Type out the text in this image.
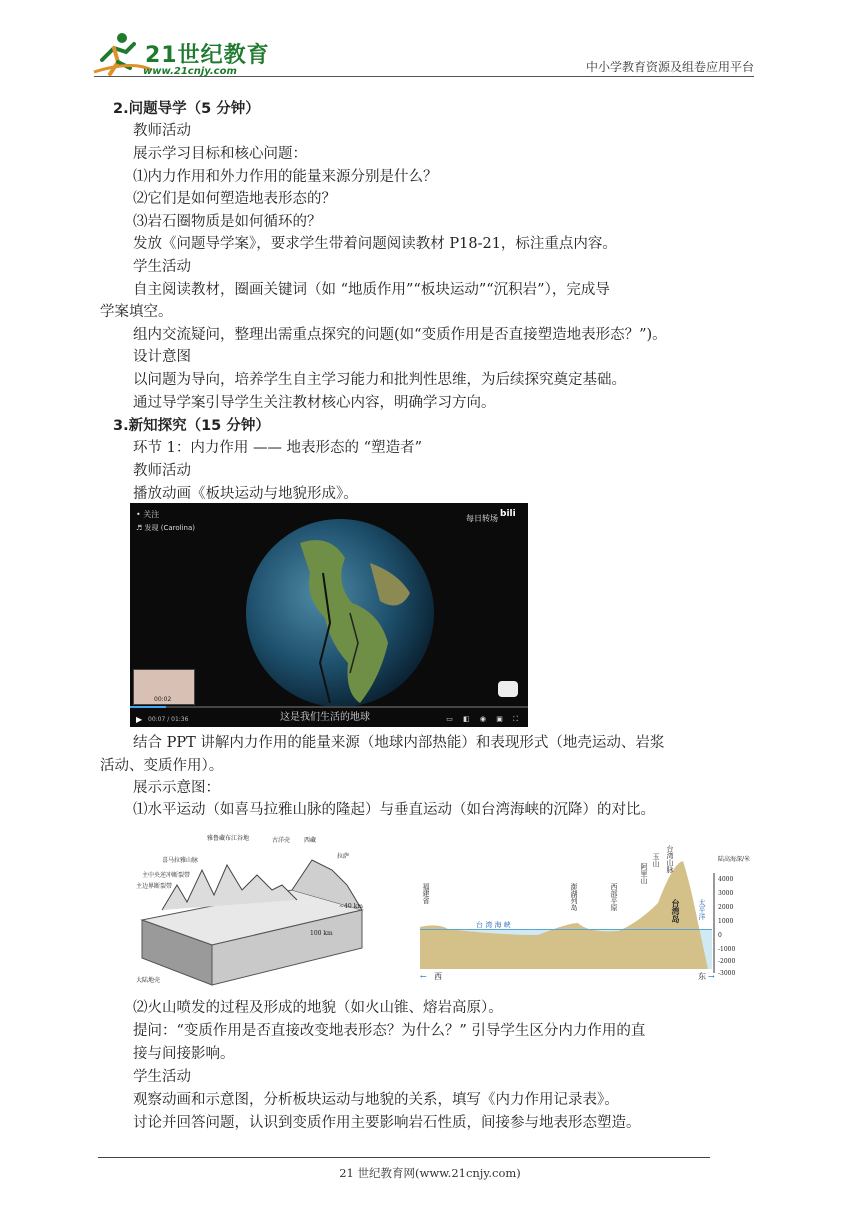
21世纪教育
www.21cnjy.com	中小学教育资源及组卷应用平台
2.问题导学（5 分钟）
教师活动
展示学习目标和核心问题：
⑴内力作用和外力作用的能量来源分别是什么？
⑵它们是如何塑造地表形态的？
⑶岩石圈物质是如何循环的？
发放《问题导学案》，要求学生带着问题阅读教材 P18-21，标注重点内容。
学生活动
自主阅读教材，圈画关键词（如 “地质作用”“板块运动”“沉积岩”），完成导
学案填空。
组内交流疑问，整理出需重点探究的问题(如“变质作用是否直接塑造地表形态？”)。
设计意图
以问题为导向，培养学生自主学习能力和批判性思维，为后续探究奠定基础。
通过导学案引导学生关注教材核心内容，明确学习方向。
3.新知探究（15 分钟）
环节 1：内力作用 —— 地表形态的 “塑造者”
教师活动
播放动画《板块运动与地貌形成》。
• 关注
♬ 发现 (Carolina)
每日转场 bili
00:02
这是我们生活的地球
▶ 00:07 / 01:36	▭ ◧ ◉ ▣ ⛶
结合 PPT 讲解内力作用的能量来源（地球内部热能）和表现形式（地壳运动、岩浆
活动、变质作用）。
展示示意图：
⑴水平运动（如喜马拉雅山脉的隆起）与垂直运动（如台湾海峡的沉降）的对比。
雅鲁藏布江谷地	古洋壳 西藏
拉萨
喜马拉雅山脉
主中央逆冲断裂带
主边界断裂带
大陆地壳
~40 km
100 km
← 西	东 →
陆高海深/米
4000
3000
2000
1000
0
-1000
-2000
-3000
福建省	澎湖列岛	西部平原
阿里山
玉山 台湾山脉
台湾岛
台 湾 海 峡
太平洋
⑵火山喷发的过程及形成的地貌（如火山锥、熔岩高原）。
提问：“变质作用是否直接改变地表形态？为什么？” 引导学生区分内力作用的直
接与间接影响。
学生活动
观察动画和示意图，分析板块运动与地貌的关系，填写《内力作用记录表》。
讨论并回答问题，认识到变质作用主要影响岩石性质，间接参与地表形态塑造。
21 世纪教育网(www.21cnjy.com)
